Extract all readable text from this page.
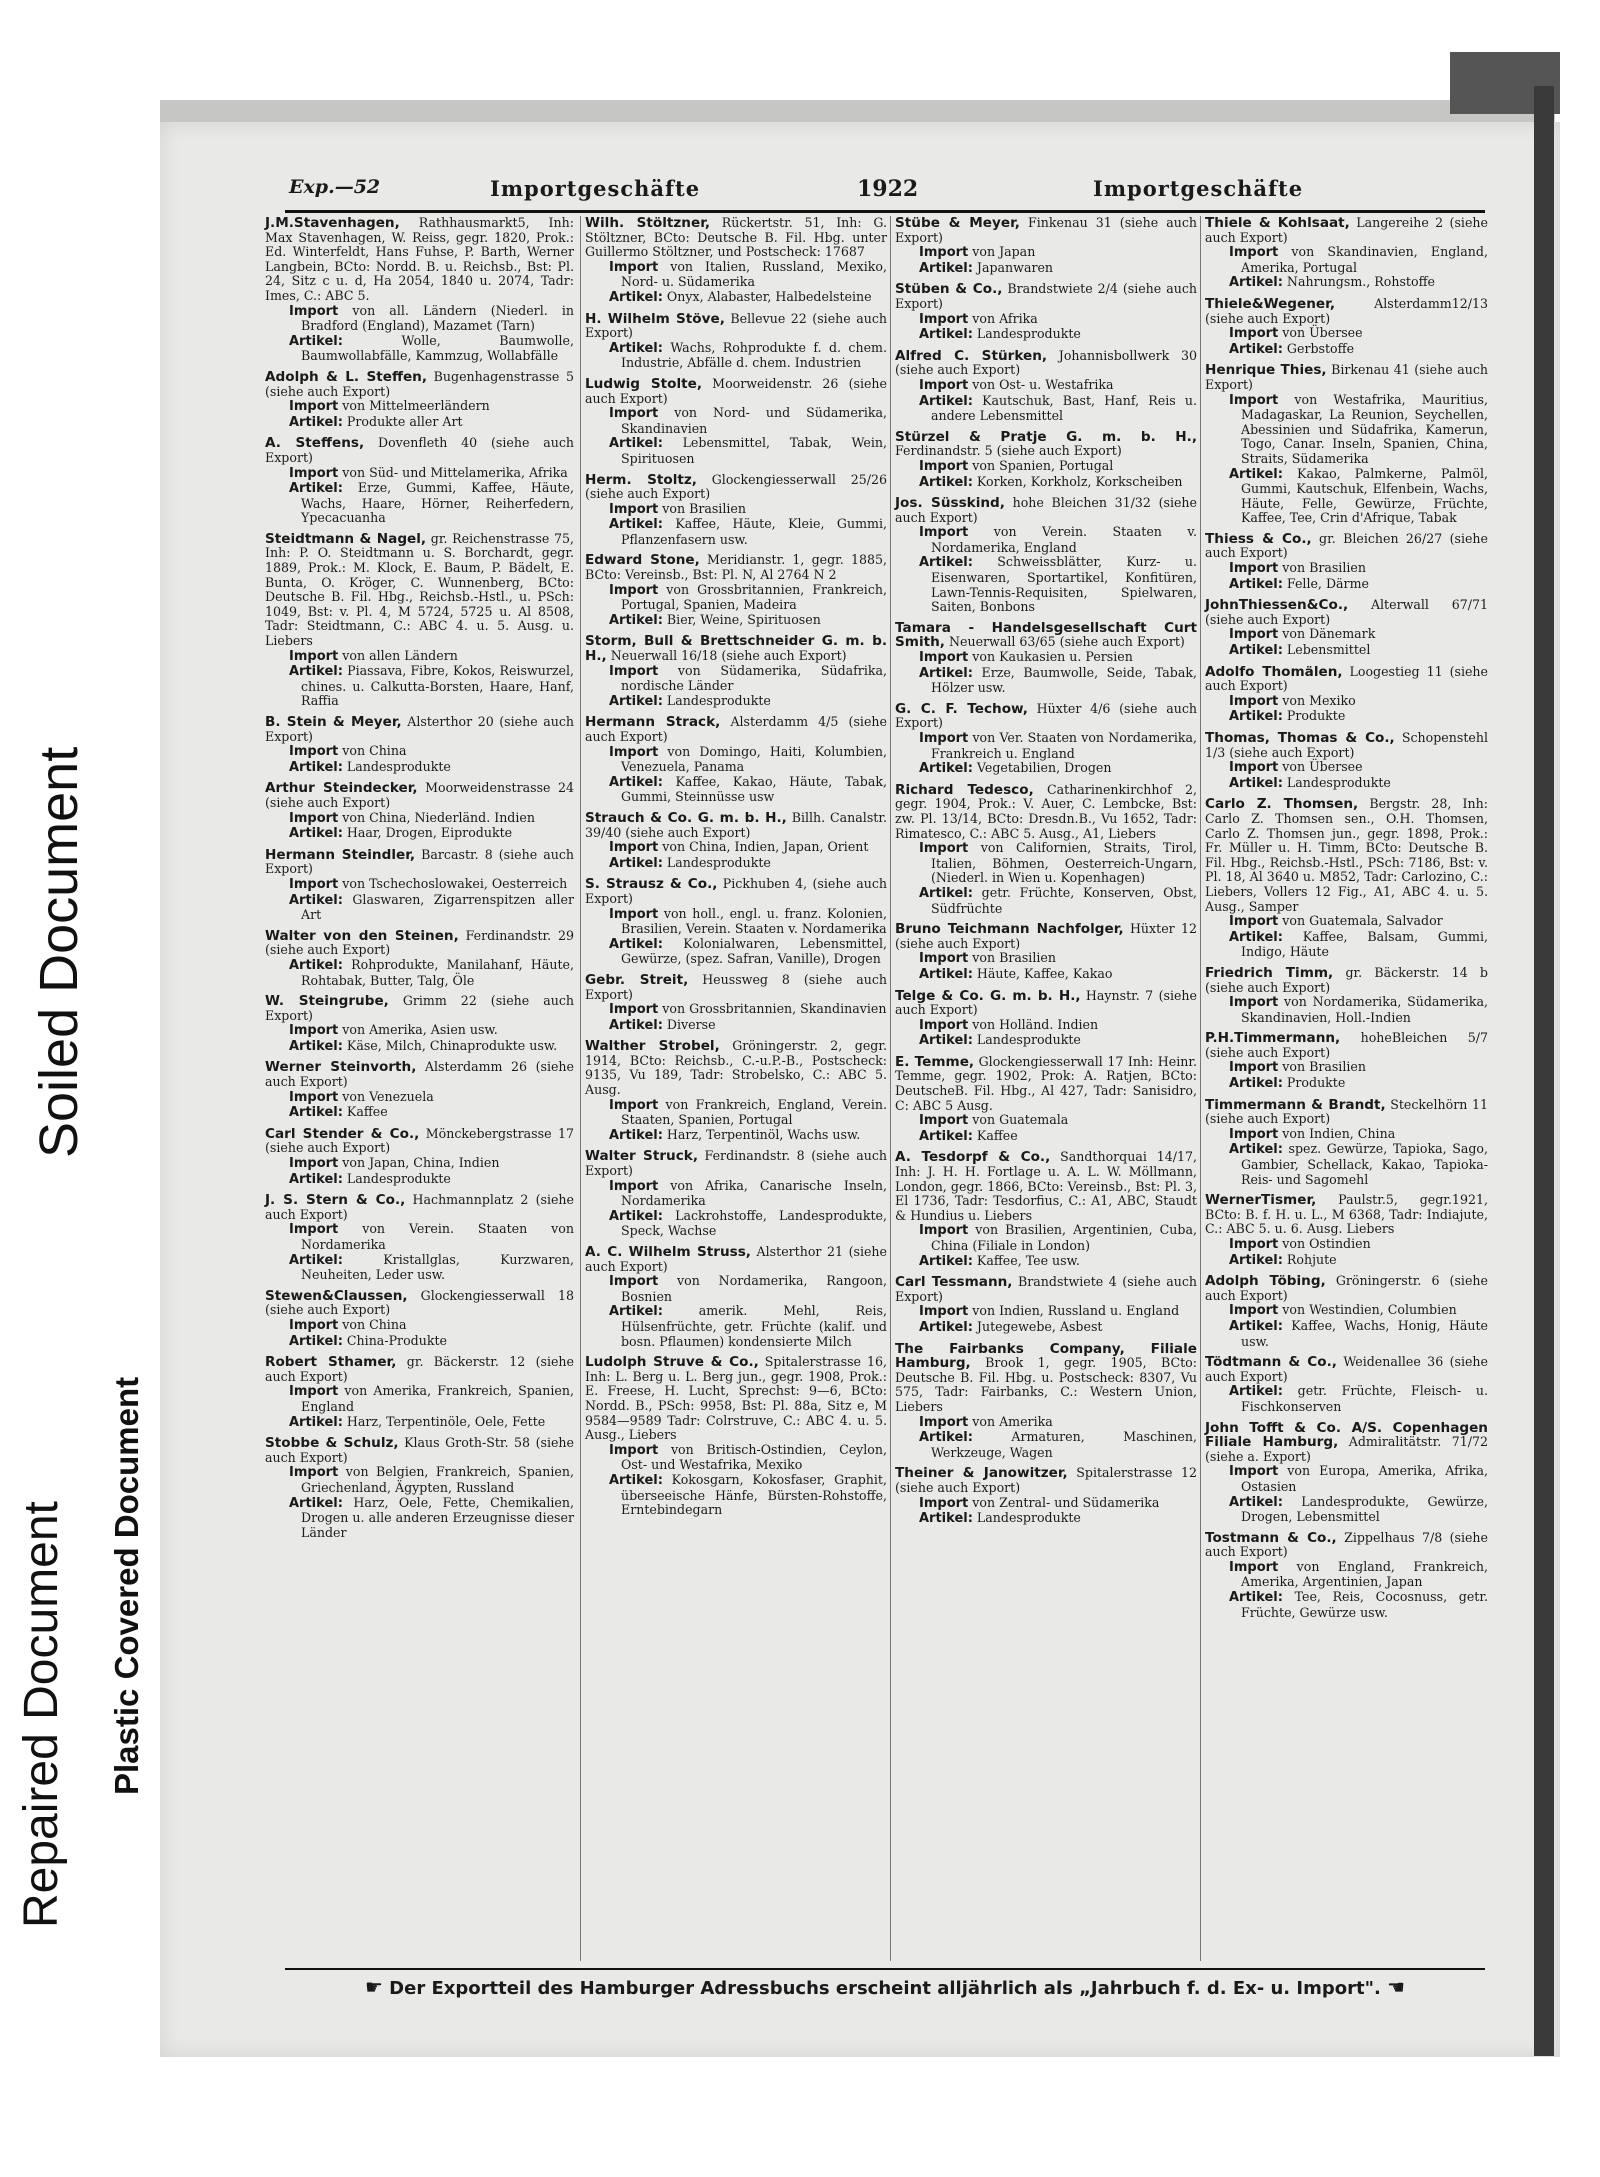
Soiled Document
Repaired Document Plastic Covered Document
Exp.—52	Importgeschäfte	1922	Importgeschäfte
J.M.Stavenhagen, Rathhausmarkt5, Inh: Max Stavenhagen, W. Reiss, gegr. 1820, Prok.: Ed. Winterfeldt, Hans Fuhse, P. Barth, Werner Langbein, BCto: Nordd. B. u. Reichsb., Bst: Pl. 24, Sitz c u. d, Ha 2054, 1840 u. 2074, Tadr: Imes, C.: ABC 5.
Import von all. Ländern (Niederl. in Bradford (England), Mazamet (Tarn)
Artikel: Wolle, Baumwolle, Baumwollabfälle, Kammzug, Wollabfälle
Adolph & L. Steffen, Bugenhagenstrasse 5 (siehe auch Export)
Import von Mittelmeerländern
Artikel: Produkte aller Art
A. Steffens, Dovenfleth 40 (siehe auch Export)
Import von Süd- und Mittelamerika, Afrika
Artikel: Erze, Gummi, Kaffee, Häute, Wachs, Haare, Hörner, Reiherfedern, Ypecacuanha
Steidtmann & Nagel, gr. Reichenstrasse 75, Inh: P. O. Steidtmann u. S. Borchardt, gegr. 1889, Prok.: M. Klock, E. Baum, P. Bädelt, E. Bunta, O. Kröger, C. Wunnenberg, BCto: Deutsche B. Fil. Hbg., Reichsb.-Hstl., u. PSch: 1049, Bst: v. Pl. 4, M 5724, 5725 u. Al 8508, Tadr: Steidtmann, C.: ABC 4. u. 5. Ausg. u. Liebers
Import von allen Ländern
Artikel: Piassava, Fibre, Kokos, Reiswurzel, chines. u. Calkutta-Borsten, Haare, Hanf, Raffia
B. Stein & Meyer, Alsterthor 20 (siehe auch Export)
Import von China
Artikel: Landesprodukte
Arthur Steindecker, Moorweidenstrasse 24 (siehe auch Export)
Import von China, Niederländ. Indien
Artikel: Haar, Drogen, Eiprodukte
Hermann Steindler, Barcastr. 8 (siehe auch Export)
Import von Tschechoslowakei, Oesterreich
Artikel: Glaswaren, Zigarrenspitzen aller Art
Walter von den Steinen, Ferdinandstr. 29 (siehe auch Export)
Artikel: Rohprodukte, Manilahanf, Häute, Rohtabak, Butter, Talg, Öle
W. Steingrube, Grimm 22 (siehe auch Export)
Import von Amerika, Asien usw.
Artikel: Käse, Milch, Chinaprodukte usw.
Werner Steinvorth, Alsterdamm 26 (siehe auch Export)
Import von Venezuela
Artikel: Kaffee
Carl Stender & Co., Mönckebergstrasse 17 (siehe auch Export)
Import von Japan, China, Indien
Artikel: Landesprodukte
J. S. Stern & Co., Hachmannplatz 2 (siehe auch Export)
Import von Verein. Staaten von Nordamerika
Artikel: Kristallglas, Kurzwaren, Neuheiten, Leder usw.
Stewen&Claussen, Glockengiesserwall 18 (siehe auch Export)
Import von China
Artikel: China-Produkte
Robert Sthamer, gr. Bäckerstr. 12 (siehe auch Export)
Import von Amerika, Frankreich, Spanien, England
Artikel: Harz, Terpentinöle, Oele, Fette
Stobbe & Schulz, Klaus Groth-Str. 58 (siehe auch Export)
Import von Belgien, Frankreich, Spanien, Griechenland, Ägypten, Russland
Artikel: Harz, Oele, Fette, Chemikalien, Drogen u. alle anderen Erzeugnisse dieser Länder
Wilh. Stöltzner, Rückertstr. 51, Inh: G. Stöltzner, BCto: Deutsche B. Fil. Hbg. unter Guillermo Stöltzner, und Postscheck: 17687
Import von Italien, Russland, Mexiko, Nord- u. Südamerika
Artikel: Onyx, Alabaster, Halbedelsteine
H. Wilhelm Stöve, Bellevue 22 (siehe auch Export)
Artikel: Wachs, Rohprodukte f. d. chem. Industrie, Abfälle d. chem. Industrien
Ludwig Stolte, Moorweidenstr. 26 (siehe auch Export)
Import von Nord- und Südamerika, Skandinavien
Artikel: Lebensmittel, Tabak, Wein, Spirituosen
Herm. Stoltz, Glockengiesserwall 25/26 (siehe auch Export)
Import von Brasilien
Artikel: Kaffee, Häute, Kleie, Gummi, Pflanzenfasern usw.
Edward Stone, Meridianstr. 1, gegr. 1885, BCto: Vereinsb., Bst: Pl. N, Al 2764 N 2
Import von Grossbritannien, Frankreich, Portugal, Spanien, Madeira
Artikel: Bier, Weine, Spirituosen
Storm, Bull & Brettschneider G. m. b. H., Neuerwall 16/18 (siehe auch Export)
Import von Südamerika, Südafrika, nordische Länder
Artikel: Landesprodukte
Hermann Strack, Alsterdamm 4/5 (siehe auch Export)
Import von Domingo, Haiti, Kolumbien, Venezuela, Panama
Artikel: Kaffee, Kakao, Häute, Tabak, Gummi, Steinnüsse usw
Strauch & Co. G. m. b. H., Billh. Canalstr. 39/40 (siehe auch Export)
Import von China, Indien, Japan, Orient
Artikel: Landesprodukte
S. Strausz & Co., Pickhuben 4, (siehe auch Export)
Import von holl., engl. u. franz. Kolonien, Brasilien, Verein. Staaten v. Nordamerika
Artikel: Kolonialwaren, Lebensmittel, Gewürze, (spez. Safran, Vanille), Drogen
Gebr. Streit, Heussweg 8 (siehe auch Export)
Import von Grossbritannien, Skandinavien
Artikel: Diverse
Walther Strobel, Gröningerstr. 2, gegr. 1914, BCto: Reichsb., C.-u.P.-B., Postscheck: 9135, Vu 189, Tadr: Strobelsko, C.: ABC 5. Ausg.
Import von Frankreich, England, Verein. Staaten, Spanien, Portugal
Artikel: Harz, Terpentinöl, Wachs usw.
Walter Struck, Ferdinandstr. 8 (siehe auch Export)
Import von Afrika, Canarische Inseln, Nordamerika
Artikel: Lackrohstoffe, Landesprodukte, Speck, Wachse
A. C. Wilhelm Struss, Alsterthor 21 (siehe auch Export)
Import von Nordamerika, Rangoon, Bosnien
Artikel: amerik. Mehl, Reis, Hülsenfrüchte, getr. Früchte (kalif. und bosn. Pflaumen) kondensierte Milch
Ludolph Struve & Co., Spitalerstrasse 16, Inh: L. Berg u. L. Berg jun., gegr. 1908, Prok.: E. Freese, H. Lucht, Sprechst: 9—6, BCto: Nordd. B., PSch: 9958, Bst: Pl. 88a, Sitz e, M 9584—9589 Tadr: Colrstruve, C.: ABC 4. u. 5. Ausg., Liebers
Import von Britisch-Ostindien, Ceylon, Ost- und Westafrika, Mexiko
Artikel: Kokosgarn, Kokosfaser, Graphit, überseeische Hänfe, Bürsten-Rohstoffe, Erntebindegarn
Stübe & Meyer, Finkenau 31 (siehe auch Export)
Import von Japan
Artikel: Japanwaren
Stüben & Co., Brandstwiete 2/4 (siehe auch Export)
Import von Afrika
Artikel: Landesprodukte
Alfred C. Stürken, Johannisbollwerk 30 (siehe auch Export)
Import von Ost- u. Westafrika
Artikel: Kautschuk, Bast, Hanf, Reis u. andere Lebensmittel
Stürzel & Pratje G. m. b. H., Ferdinandstr. 5 (siehe auch Export)
Import von Spanien, Portugal
Artikel: Korken, Korkholz, Korkscheiben
Jos. Süsskind, hohe Bleichen 31/32 (siehe auch Export)
Import von Verein. Staaten v. Nordamerika, England
Artikel: Schweissblätter, Kurz- u. Eisenwaren, Sportartikel, Konfitüren, Lawn-Tennis-Requisiten, Spielwaren, Saiten, Bonbons
Tamara - Handelsgesellschaft Curt Smith, Neuerwall 63/65 (siehe auch Export)
Import von Kaukasien u. Persien
Artikel: Erze, Baumwolle, Seide, Tabak, Hölzer usw.
G. C. F. Techow, Hüxter 4/6 (siehe auch Export)
Import von Ver. Staaten von Nordamerika, Frankreich u. England
Artikel: Vegetabilien, Drogen
Richard Tedesco, Catharinenkirchhof 2, gegr. 1904, Prok.: V. Auer, C. Lembcke, Bst: zw. Pl. 13/14, BCto: Dresdn.B., Vu 1652, Tadr: Rimatesco, C.: ABC 5. Ausg., A1, Liebers
Import von Californien, Straits, Tirol, Italien, Böhmen, Oesterreich-Ungarn, (Niederl. in Wien u. Kopenhagen)
Artikel: getr. Früchte, Konserven, Obst, Südfrüchte
Bruno Teichmann Nachfolger, Hüxter 12 (siehe auch Export)
Import von Brasilien
Artikel: Häute, Kaffee, Kakao
Telge & Co. G. m. b. H., Haynstr. 7 (siehe auch Export)
Import von Holländ. Indien
Artikel: Landesprodukte
E. Temme, Glockengiesserwall 17 Inh: Heinr. Temme, gegr. 1902, Prok: A. Ratjen, BCto: DeutscheB. Fil. Hbg., Al 427, Tadr: Sanisidro, C: ABC 5 Ausg.
Import von Guatemala
Artikel: Kaffee
A. Tesdorpf & Co., Sandthorquai 14/17, Inh: J. H. H. Fortlage u. A. L. W. Möllmann, London, gegr. 1866, BCto: Vereinsb., Bst: Pl. 3, El 1736, Tadr: Tesdorfius, C.: A1, ABC, Staudt & Hundius u. Liebers
Import von Brasilien, Argentinien, Cuba, China (Filiale in London)
Artikel: Kaffee, Tee usw.
Carl Tessmann, Brandstwiete 4 (siehe auch Export)
Import von Indien, Russland u. England
Artikel: Jutegewebe, Asbest
The Fairbanks Company, Filiale Hamburg, Brook 1, gegr. 1905, BCto: Deutsche B. Fil. Hbg. u. Postscheck: 8307, Vu 575, Tadr: Fairbanks, C.: Western Union, Liebers
Import von Amerika
Artikel: Armaturen, Maschinen, Werkzeuge, Wagen
Theiner & Janowitzer, Spitalerstrasse 12 (siehe auch Export)
Import von Zentral- und Südamerika
Artikel: Landesprodukte
Thiele & Kohlsaat, Langereihe 2 (siehe auch Export)
Import von Skandinavien, England, Amerika, Portugal
Artikel: Nahrungsm., Rohstoffe
Thiele&Wegener,	Alsterdamm12/13 (siehe auch Export)
Import von Übersee
Artikel: Gerbstoffe
Henrique Thies, Birkenau 41 (siehe auch Export)
Import von Westafrika, Mauritius, Madagaskar, La Reunion, Seychellen, Abessinien und Südafrika, Kamerun, Togo, Canar. Inseln, Spanien, China, Straits, Südamerika
Artikel: Kakao, Palmkerne, Palmöl, Gummi, Kautschuk, Elfenbein, Wachs, Häute, Felle, Gewürze, Früchte, Kaffee, Tee, Crin d'Afrique, Tabak
Thiess & Co., gr. Bleichen 26/27 (siehe auch Export)
Import von Brasilien
Artikel: Felle, Därme
JohnThiessen&Co., Alterwall 67/71 (siehe auch Export)
Import von Dänemark
Artikel: Lebensmittel
Adolfo Thomälen, Loogestieg 11 (siehe auch Export)
Import von Mexiko
Artikel: Produkte
Thomas, Thomas & Co., Schopenstehl 1/3 (siehe auch Export)
Import von Übersee
Artikel: Landesprodukte
Carlo Z. Thomsen, Bergstr. 28, Inh: Carlo Z. Thomsen sen., O.H. Thomsen, Carlo Z. Thomsen jun., gegr. 1898, Prok.: Fr. Müller u. H. Timm, BCto: Deutsche B. Fil. Hbg., Reichsb.-Hstl., PSch: 7186, Bst: v. Pl. 18, Al 3640 u. M852, Tadr: Carlozino, C.: Liebers, Vollers 12 Fig., A1, ABC 4. u. 5. Ausg., Samper
Import von Guatemala, Salvador
Artikel: Kaffee, Balsam, Gummi, Indigo, Häute
Friedrich Timm, gr. Bäckerstr. 14 b (siehe auch Export)
Import von Nordamerika, Südamerika, Skandinavien, Holl.-Indien
P.H.Timmermann, hoheBleichen 5/7 (siehe auch Export)
Import von Brasilien
Artikel: Produkte
Timmermann & Brandt, Steckelhörn 11 (siehe auch Export)
Import von Indien, China
Artikel: spez. Gewürze, Tapioka, Sago, Gambier, Schellack, Kakao, Tapioka-Reis- und Sagomehl
WernerTismer, Paulstr.5, gegr.1921, BCto: B. f. H. u. L., M 6368, Tadr: Indiajute, C.: ABC 5. u. 6. Ausg. Liebers
Import von Ostindien
Artikel: Rohjute
Adolph Töbing, Gröningerstr. 6 (siehe auch Export)
Import von Westindien, Columbien
Artikel: Kaffee, Wachs, Honig, Häute usw.
Tödtmann & Co., Weidenallee 36 (siehe auch Export)
Artikel: getr. Früchte, Fleisch- u. Fischkonserven
John Tofft & Co. A/S. Copenhagen Filiale Hamburg, Admiralitätstr. 71/72 (siehe a. Export)
Import von Europa, Amerika, Afrika, Ostasien
Artikel: Landesprodukte, Gewürze, Drogen, Lebensmittel
Tostmann & Co., Zippelhaus 7/8 (siehe auch Export)
Import von England, Frankreich, Amerika, Argentinien, Japan
Artikel: Tee, Reis, Cocosnuss, getr. Früchte, Gewürze usw.
☛ Der Exportteil des Hamburger Adressbuchs erscheint alljährlich als „Jahrbuch f. d. Ex- u. Import". ☚
